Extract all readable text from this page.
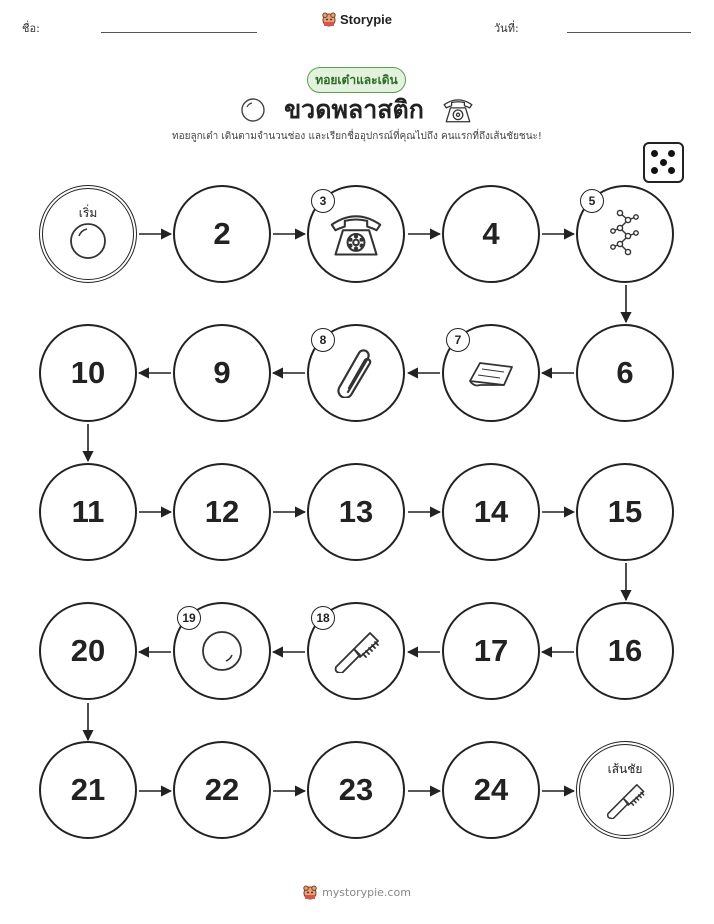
ชื่อ:
Storypie
วันที่:
ทอยเต๋าและเดิน
ขวดพลาสติก
ทอยลูกเต๋า เดินตามจำนวนช่อง และเรียกชื่ออุปกรณ์ที่คุณไปถึง คนแรกที่ถึงเส้นชัยชนะ!
เริ่ม
2
3
4
5
10	9
8	7
6
11	12	13	14	15
20
19	18
17	16
21	22	23	24
เส้นชัย
mystorypie.com
